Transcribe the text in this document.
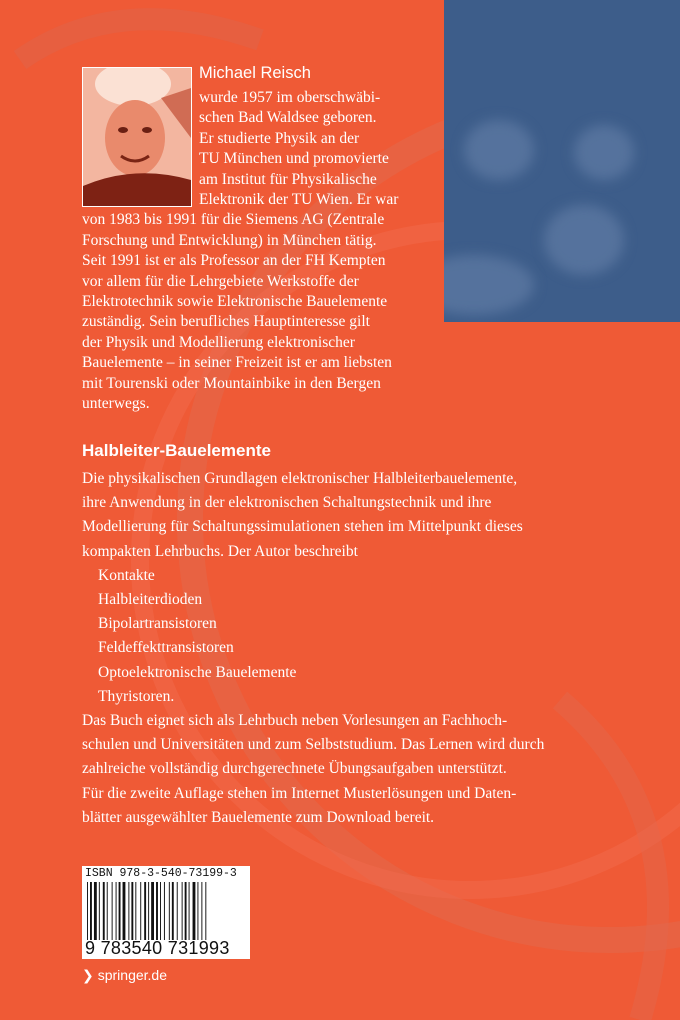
Michael Reisch
wurde 1957 im oberschwäbi-
schen Bad Waldsee geboren.
Er studierte Physik an der
TU München und promovierte
am Institut für Physikalische
Elektronik der TU Wien. Er war
von 1983 bis 1991 für die Siemens AG (Zentrale
Forschung und Entwicklung) in München tätig.
Seit 1991 ist er als Professor an der FH Kempten
vor allem für die Lehrgebiete Werkstoffe der
Elektrotechnik sowie Elektronische Bauelemente
zuständig. Sein berufliches Hauptinteresse gilt
der Physik und Modellierung elektronischer
Bauelemente – in seiner Freizeit ist er am liebsten
mit Tourenski oder Mountainbike in den Bergen
unterwegs.
Halbleiter-Bauelemente
Die physikalischen Grundlagen elektronischer Halbleiterbauelemente,
ihre Anwendung in der elektronischen Schaltungstechnik und ihre
Modellierung für Schaltungssimulationen stehen im Mittelpunkt dieses
kompakten Lehrbuchs. Der Autor beschreibt
Kontakte
Halbleiterdioden
Bipolartransistoren
Feldeffekttransistoren
Optoelektronische Bauelemente
Thyristoren.
Das Buch eignet sich als Lehrbuch neben Vorlesungen an Fachhoch-
schulen und Universitäten und zum Selbststudium. Das Lernen wird durch
zahlreiche vollständig durchgerechnete Übungsaufgaben unterstützt.
Für die zweite Auflage stehen im Internet Musterlösungen und Daten-
blätter ausgewählter Bauelemente zum Download bereit.
ISBN 978-3-540-73199-3
9 783540 731993
❯ springer.de
